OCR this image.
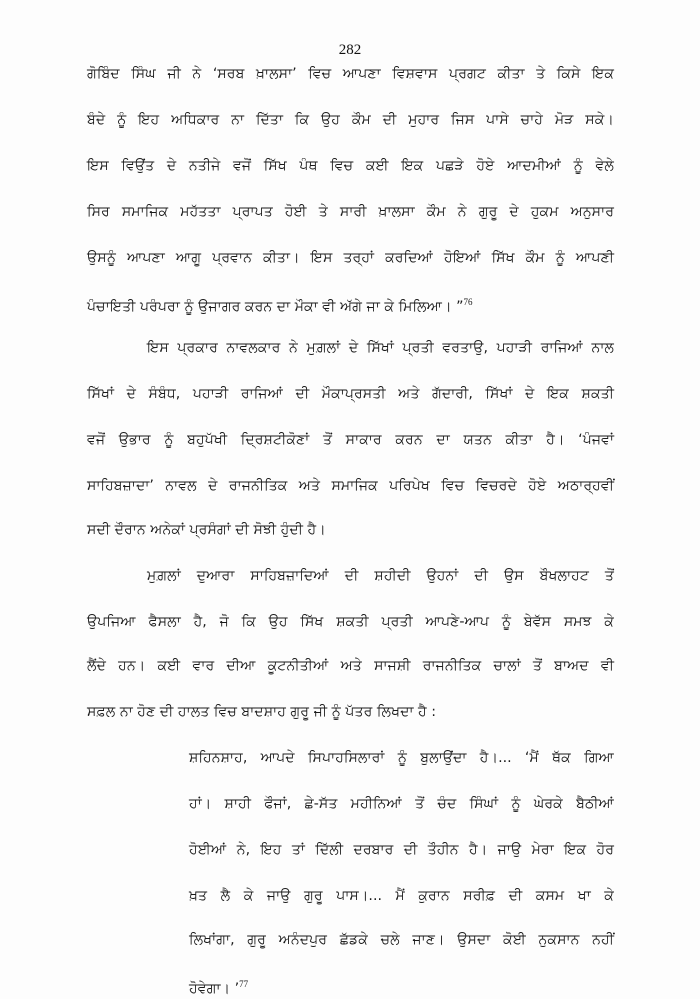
282
ਗੋਬਿੰਦ ਸਿੰਘ ਜੀ ਨੇ ‘ਸਰਬ ਖ਼ਾਲਸਾ’ ਵਿਚ ਆਪਣਾ ਵਿਸ਼ਵਾਸ ਪ੍ਰਗਟ ਕੀਤਾ ਤੇ ਕਿਸੇ ਇਕ
ਬੰਦੇ ਨੂੰ ਇਹ ਅਧਿਕਾਰ ਨਾ ਦਿੱਤਾ ਕਿ ਉਹ ਕੌਮ ਦੀ ਮੁਹਾਰ ਜਿਸ ਪਾਸੇ ਚਾਹੇ ਮੋੜ ਸਕੇ।
ਇਸ ਵਿਉਂਤ ਦੇ ਨਤੀਜੇ ਵਜੋਂ ਸਿੱਖ ਪੰਥ ਵਿਚ ਕਈ ਇਕ ਪਛੜੇ ਹੋਏ ਆਦਮੀਆਂ ਨੂੰ ਵੇਲੇ
ਸਿਰ ਸਮਾਜਿਕ ਮਹੱਤਤਾ ਪ੍ਰਾਪਤ ਹੋਈ ਤੇ ਸਾਰੀ ਖ਼ਾਲਸਾ ਕੌਮ ਨੇ ਗੁਰੂ ਦੇ ਹੁਕਮ ਅਨੁਸਾਰ
ਉਸਨੂੰ ਆਪਣਾ ਆਗੂ ਪ੍ਰਵਾਨ ਕੀਤਾ। ਇਸ ਤਰ੍ਹਾਂ ਕਰਦਿਆਂ ਹੋਇਆਂ ਸਿੱਖ ਕੌਮ ਨੂੰ ਆਪਣੀ
ਪੰਚਾਇਤੀ ਪਰੰਪਰਾ ਨੂੰ ਉਜਾਗਰ ਕਰਨ ਦਾ ਮੌਕਾ ਵੀ ਅੱਗੇ ਜਾ ਕੇ ਮਿਲਿਆ। ”$^{76}$
ਇਸ ਪ੍ਰਕਾਰ ਨਾਵਲਕਾਰ ਨੇ ਮੁਗ਼ਲਾਂ ਦੇ ਸਿੱਖਾਂ ਪ੍ਰਤੀ ਵਰਤਾਉ, ਪਹਾੜੀ ਰਾਜਿਆਂ ਨਾਲ
ਸਿੱਖਾਂ ਦੇ ਸੰਬੰਧ, ਪਹਾੜੀ ਰਾਜਿਆਂ ਦੀ ਮੌਕਾਪ੍ਰਸਤੀ ਅਤੇ ਗੱਦਾਰੀ, ਸਿੱਖਾਂ ਦੇ ਇਕ ਸ਼ਕਤੀ
ਵਜੋਂ ਉਭਾਰ ਨੂੰ ਬਹੁਪੱਖੀ ਦ੍ਰਿਸ਼ਟੀਕੋਣਾਂ ਤੋਂ ਸਾਕਾਰ ਕਰਨ ਦਾ ਯਤਨ ਕੀਤਾ ਹੈ। ‘ਪੰਜਵਾਂ
ਸਾਹਿਬਜ਼ਾਦਾ’ ਨਾਵਲ ਦੇ ਰਾਜਨੀਤਿਕ ਅਤੇ ਸਮਾਜਿਕ ਪਰਿਪੇਖ ਵਿਚ ਵਿਚਰਦੇ ਹੋਏ ਅਠਾਰ੍ਹਵੀਂ
ਸਦੀ ਦੌਰਾਨ ਅਨੇਕਾਂ ਪ੍ਰਸੰਗਾਂ ਦੀ ਸੋਝੀ ਹੁੰਦੀ ਹੈ।
ਮੁਗ਼ਲਾਂ ਦੁਆਰਾ ਸਾਹਿਬਜ਼ਾਦਿਆਂ ਦੀ ਸ਼ਹੀਦੀ ਉਹਨਾਂ ਦੀ ਉਸ ਬੌਖਲਾਹਟ ਤੋਂ
ਉਪਜਿਆ ਫੈਸਲਾ ਹੈ, ਜੋ ਕਿ ਉਹ ਸਿੱਖ ਸ਼ਕਤੀ ਪ੍ਰਤੀ ਆਪਣੇ-ਆਪ ਨੂੰ ਬੇਵੱਸ ਸਮਝ ਕੇ
ਲੈਂਦੇ ਹਨ। ਕਈ ਵਾਰ ਦੀਆ ਕੂਟਨੀਤੀਆਂ ਅਤੇ ਸਾਜਸ਼ੀ ਰਾਜਨੀਤਿਕ ਚਾਲਾਂ ਤੋਂ ਬਾਅਦ ਵੀ
ਸਫ਼ਲ ਨਾ ਹੋਣ ਦੀ ਹਾਲਤ ਵਿਚ ਬਾਦਸ਼ਾਹ ਗੁਰੂ ਜੀ ਨੂੰ ਪੱਤਰ ਲਿਖਦਾ ਹੈ :
ਸ਼ਹਿਨਸ਼ਾਹ, ਆਪਦੇ ਸਿਪਾਹਸਿਲਾਰਾਂ ਨੂੰ ਬੁਲਾਉਂਦਾ ਹੈ।... ‘ਮੈਂ ਥੱਕ ਗਿਆ
ਹਾਂ। ਸ਼ਾਹੀ ਫੌਜਾਂ, ਛੇ-ਸੱਤ ਮਹੀਨਿਆਂ ਤੋਂ ਚੰਦ ਸਿੰਘਾਂ ਨੂੰ ਘੇਰਕੇ ਬੈਠੀਆਂ
ਹੋਈਆਂ ਨੇ, ਇਹ ਤਾਂ ਦਿੱਲੀ ਦਰਬਾਰ ਦੀ ਤੌਹੀਨ ਹੈ। ਜਾਉ ਮੇਰਾ ਇਕ ਹੋਰ
ਖ਼ਤ ਲੈ ਕੇ ਜਾਉ ਗੁਰੂ ਪਾਸ।... ਮੈਂ ਕੁਰਾਨ ਸਰੀਫ਼ ਦੀ ਕਸਮ ਖਾ ਕੇ
ਲਿਖਾਂਗਾ, ਗੁਰੂ ਅਨੰਦਪੁਰ ਛੱਡਕੇ ਚਲੇ ਜਾਣ। ਉਸਦਾ ਕੋਈ ਨੁਕਸਾਨ ਨਹੀਂ
ਹੋਵੇਗਾ। ’$^{77}$
